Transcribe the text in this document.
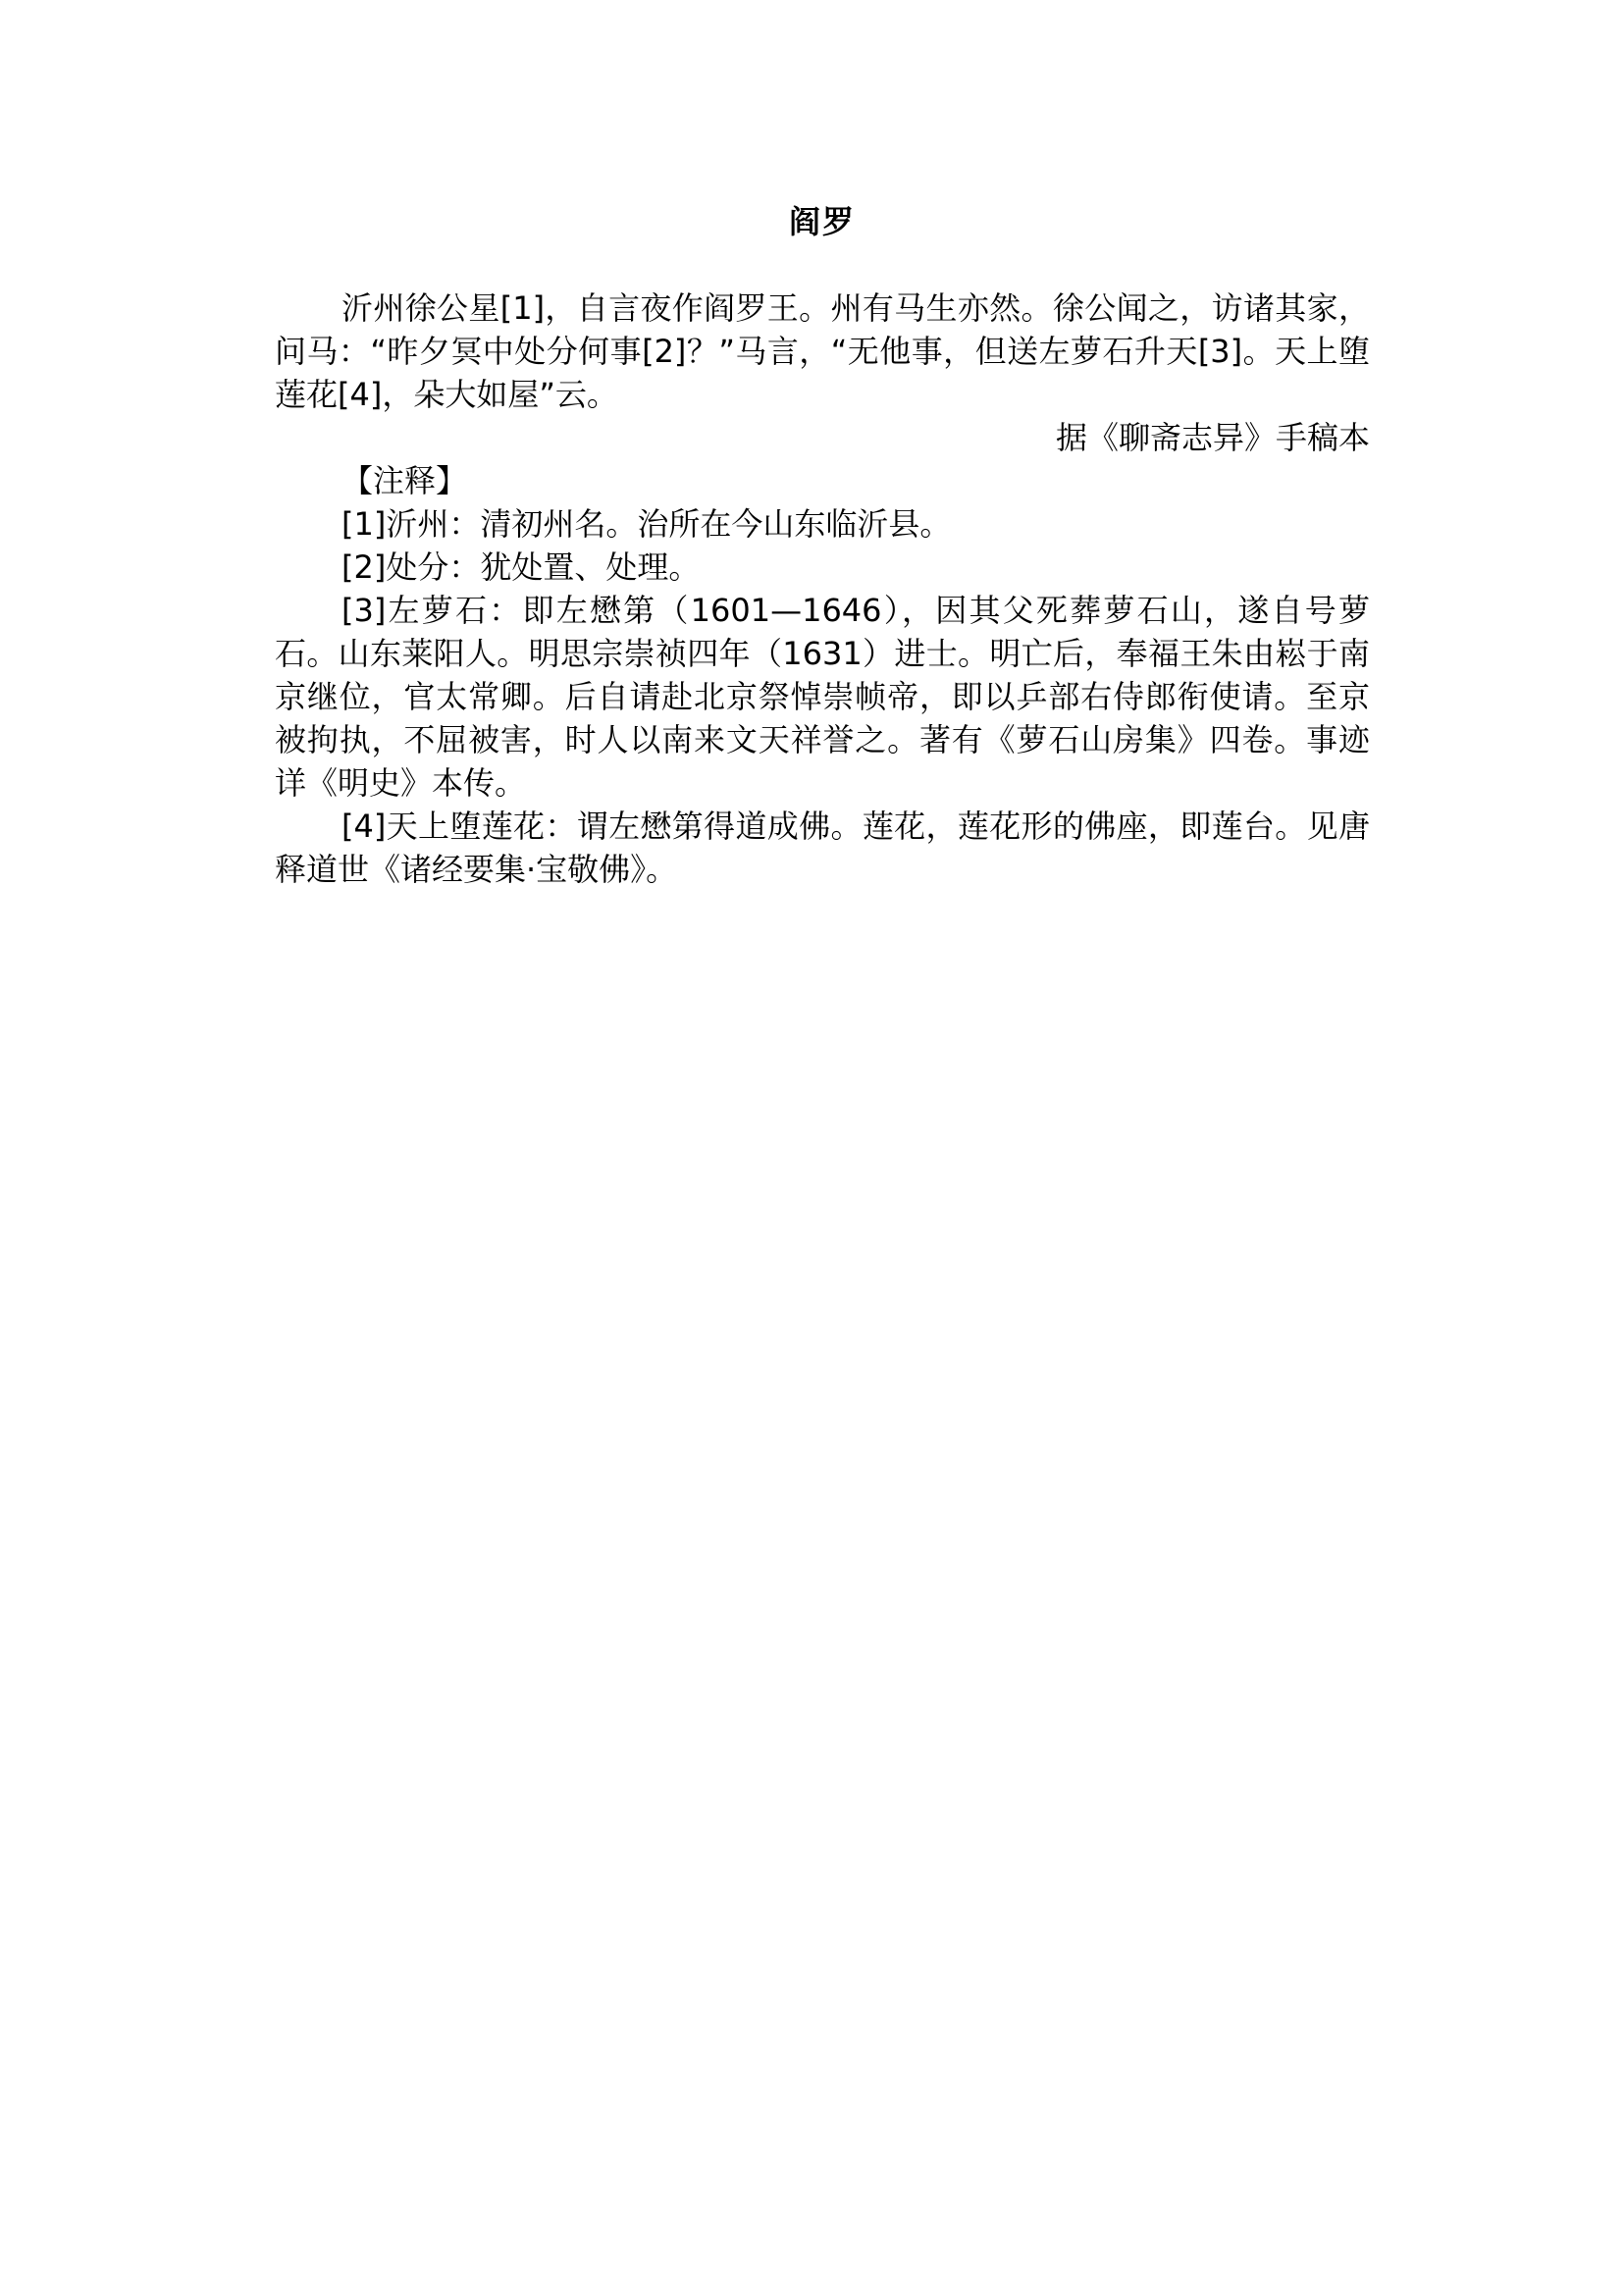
阎罗

沂州徐公星[1]，自言夜作阎罗王。州有马生亦然。徐公闻之，访诸其家，问马：“昨夕冥中处分何事[2]？”马言，“无他事，但送左萝石升天[3]。天上堕莲花[4]，朵大如屋”云。

据《聊斋志异》手稿本

【注释】

[1]沂州：清初州名。治所在今山东临沂县。

[2]处分：犹处置、处理。

[3]左萝石：即左懋第（1601—1646），因其父死葬萝石山，遂自号萝石。山东莱阳人。明思宗崇祯四年（1631）进士。明亡后，奉福王朱由崧于南京继位，官太常卿。后自请赴北京祭悼崇帧帝，即以乒部右侍郎衔使请。至京被拘执，不屈被害，时人以南来文天祥誉之。著有《萝石山房集》四卷。事迹详《明史》本传。

[4]天上堕莲花：谓左懋第得道成佛。莲花，莲花形的佛座，即莲台。见唐释道世《诸经要集·宝敬佛》。
